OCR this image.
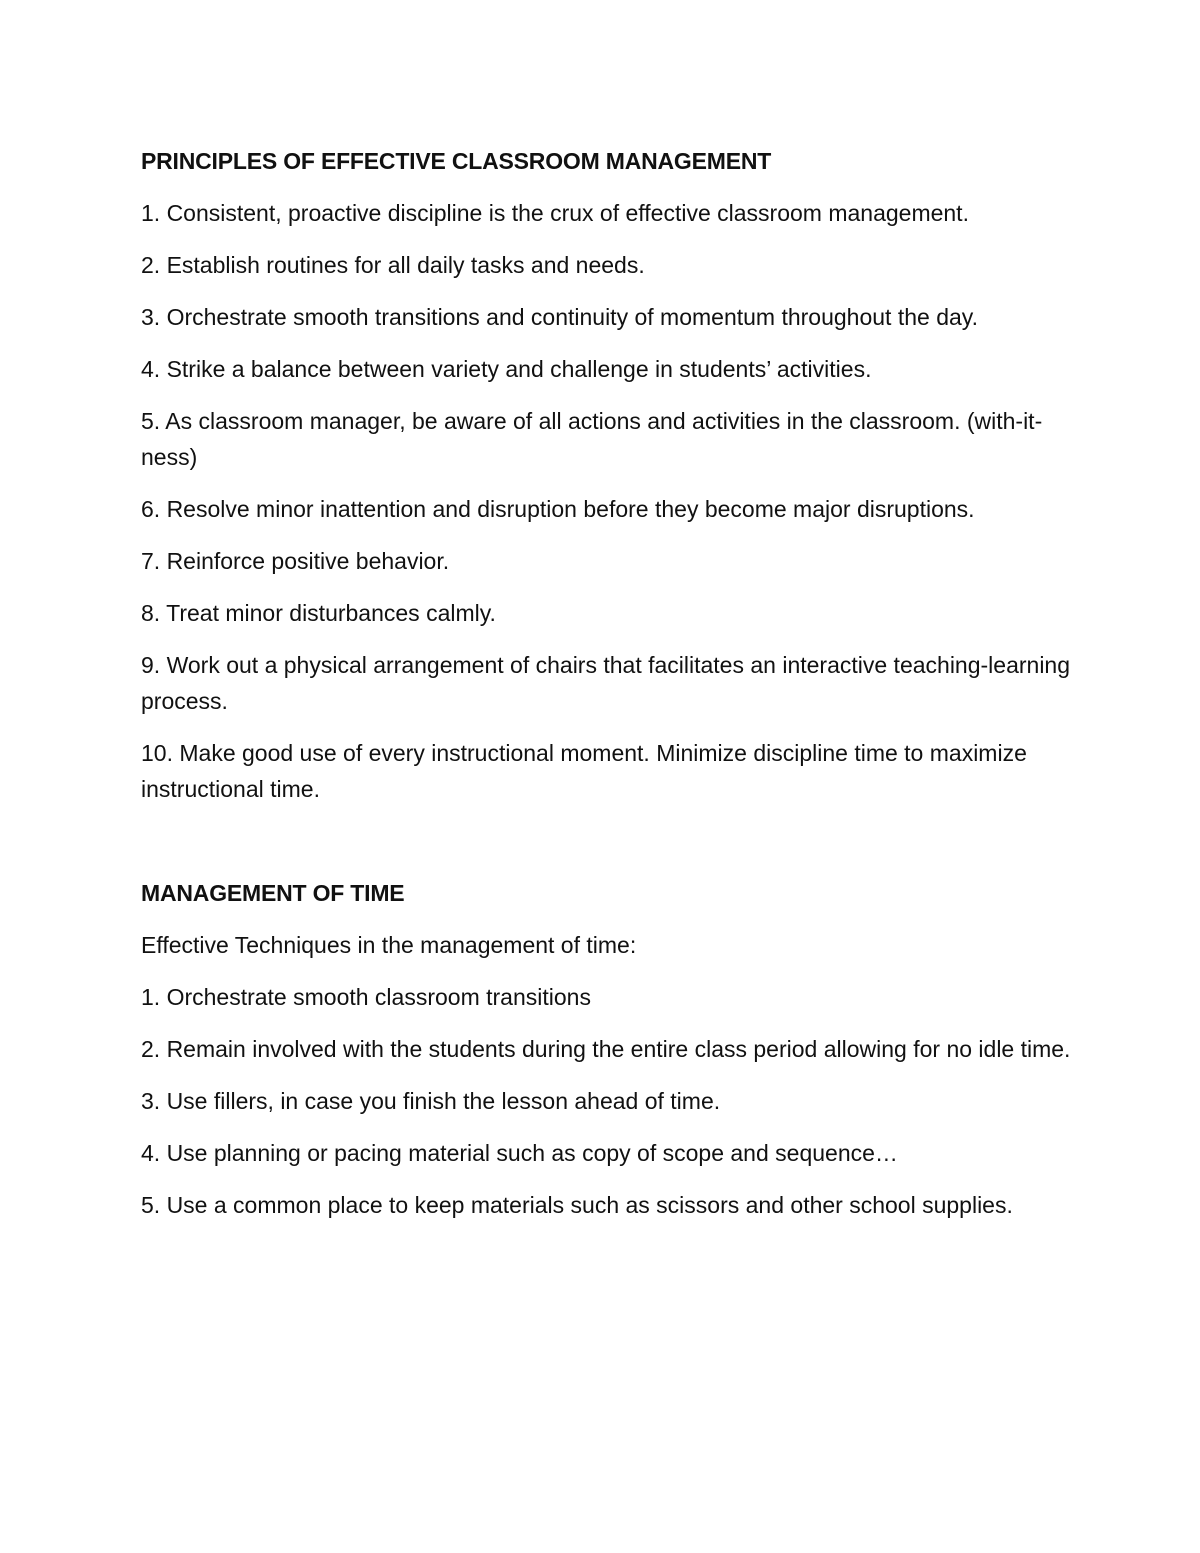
PRINCIPLES OF EFFECTIVE CLASSROOM MANAGEMENT
1. Consistent, proactive discipline is the crux of effective classroom management.
2. Establish routines for all daily tasks and needs.
3. Orchestrate smooth transitions and continuity of momentum throughout the day.
4. Strike a balance between variety and challenge in students’ activities.
5. As classroom manager, be aware of all actions and activities in the classroom. (with-it-ness)
6. Resolve minor inattention and disruption before they become major disruptions.
7. Reinforce positive behavior.
8. Treat minor disturbances calmly.
9. Work out a physical arrangement of chairs that facilitates an interactive teaching-learning process.
10. Make good use of every instructional moment. Minimize discipline time to maximize instructional time.
MANAGEMENT OF TIME
Effective Techniques in the management of time:
1. Orchestrate smooth classroom transitions
2. Remain involved with the students during the entire class period allowing for no idle time.
3. Use fillers, in case you finish the lesson ahead of time.
4. Use planning or pacing material such as copy of scope and sequence…
5. Use a common place to keep materials such as scissors and other school supplies.
